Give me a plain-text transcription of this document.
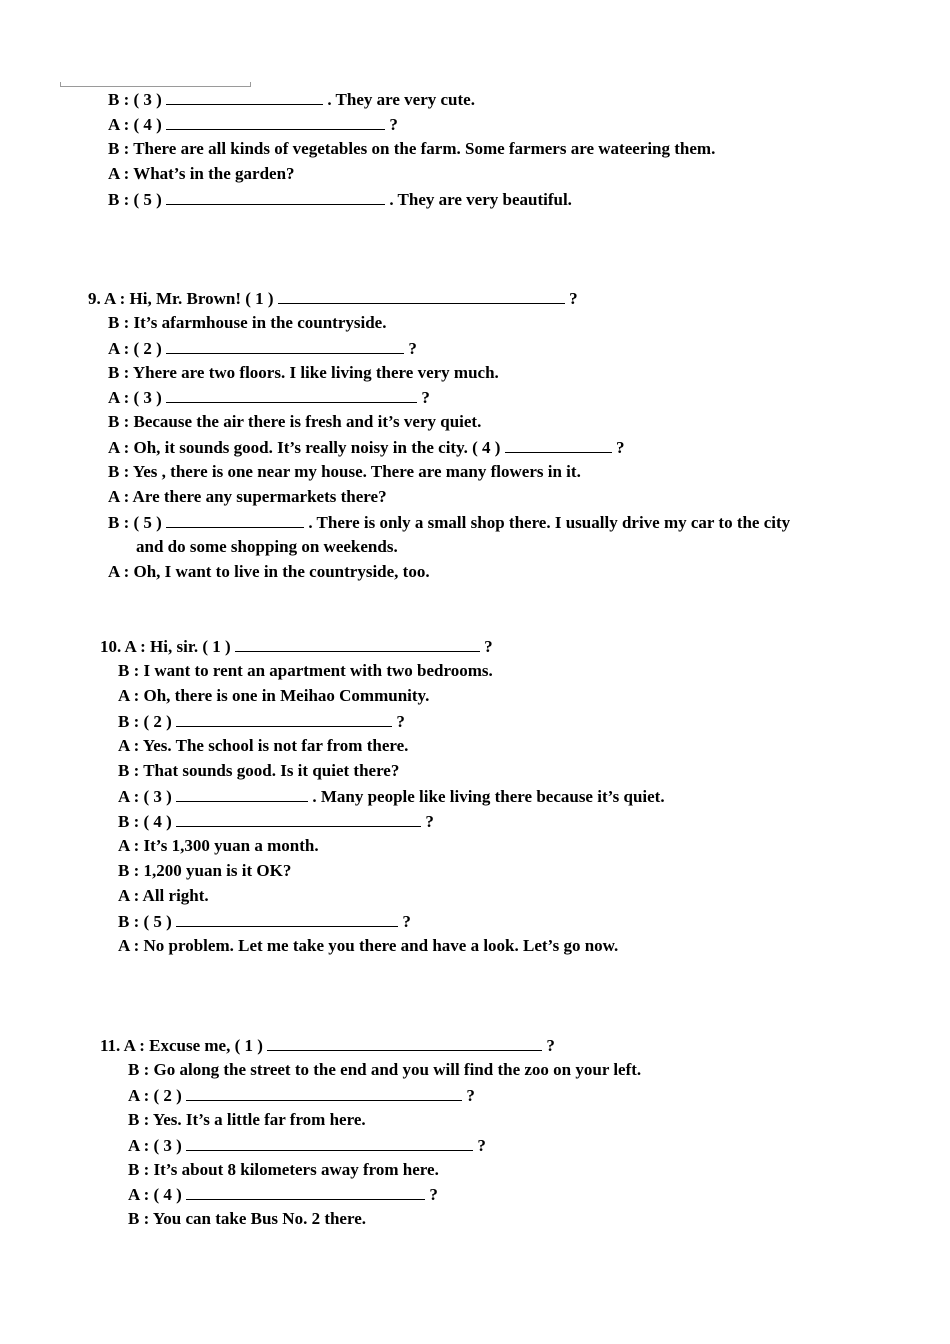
B : ( 3 )	. They are very cute.
A : ( 4 )	?
B : There are all kinds of vegetables on the farm. Some farmers are wateering them.
A : What’s in the garden?
B : ( 5 )	. They are very beautiful.
9. A : Hi, Mr. Brown! ( 1 )	?
B : It’s afarmhouse in the countryside.
A : ( 2 )	?
B : Yhere are two floors. I like living there very much.
A : ( 3 )	?
B : Because the air there is fresh and it’s very quiet.
A : Oh, it sounds good. It’s really noisy in the city. ( 4 )	?
B : Yes , there is one near my house. There are many flowers in it.
A : Are there any supermarkets there?
B : ( 5 )	. There is only a small shop there. I usually drive my car to the city
and do some shopping on weekends.
A : Oh, I want to live in the countryside, too.
10. A : Hi, sir. ( 1 )	?
B : I want to rent an apartment with two bedrooms.
A : Oh, there is one in Meihao Community.
B : ( 2 )	?
A : Yes. The school is not far from there.
B : That sounds good. Is it quiet there?
A : ( 3 )	. Many people like living there because it’s quiet.
B : ( 4 )	?
A : It’s 1,300 yuan a month.
B : 1,200 yuan is it OK?
A : All right.
B : ( 5 )	?
A : No problem. Let me take you there and have a look. Let’s go now.
11. A : Excuse me, ( 1 )	?
B : Go along the street to the end and you will find the zoo on your left.
A : ( 2 )	?
B : Yes. It’s a little far from here.
A : ( 3 )	?
B : It’s about 8 kilometers away from here.
A : ( 4 )	?
B : You can take Bus No. 2 there.
